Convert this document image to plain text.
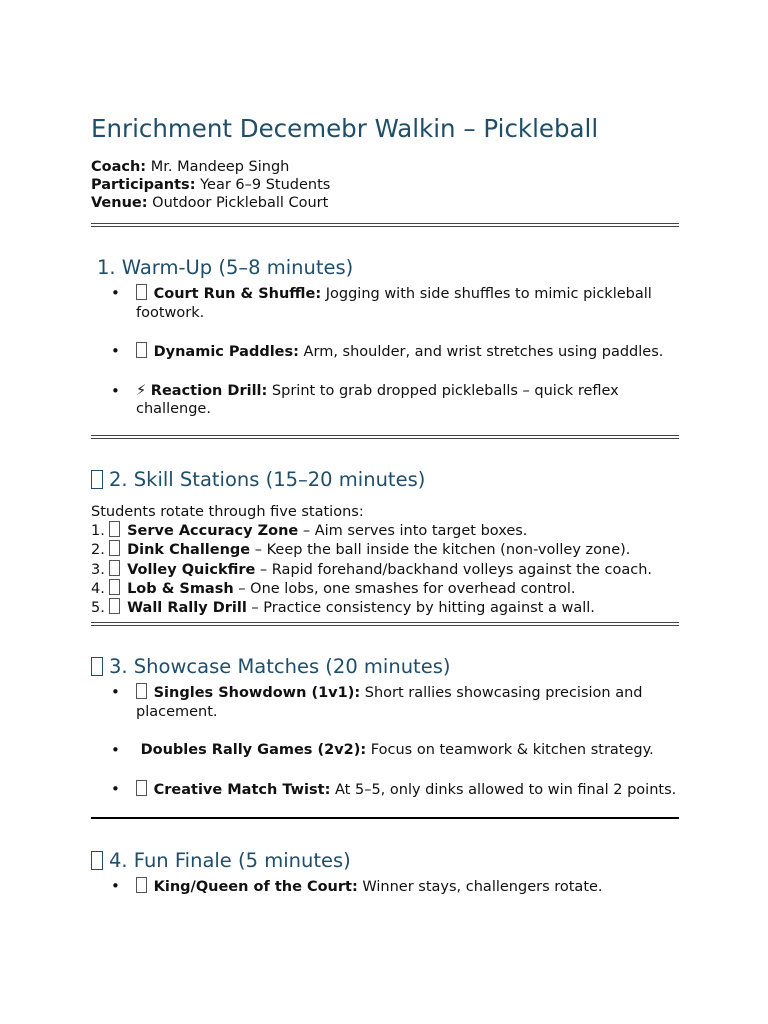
Enrichment Decemebr Walkin – Pickleball
Coach: Mr. Mandeep Singh
Participants: Year 6–9 Students
Venue: Outdoor Pickleball Court
1. Warm-Up (5–8 minutes)
• Court Run & Shuffle: Jogging with side shuffles to mimic pickleball footwork.
• Dynamic Paddles: Arm, shoulder, and wrist stretches using paddles.
• ⚡ Reaction Drill: Sprint to grab dropped pickleballs – quick reflex challenge.
2. Skill Stations (15–20 minutes)
Students rotate through five stations:
1. Serve Accuracy Zone – Aim serves into target boxes.
2. Dink Challenge – Keep the ball inside the kitchen (non-volley zone).
3. Volley Quickfire – Rapid forehand/backhand volleys against the coach.
4. Lob & Smash – One lobs, one smashes for overhead control.
5. Wall Rally Drill – Practice consistency by hitting against a wall.
3. Showcase Matches (20 minutes)
• Singles Showdown (1v1): Short rallies showcasing precision and placement.
• Doubles Rally Games (2v2): Focus on teamwork & kitchen strategy.
• Creative Match Twist: At 5–5, only dinks allowed to win final 2 points.
4. Fun Finale (5 minutes)
• King/Queen of the Court: Winner stays, challengers rotate.
